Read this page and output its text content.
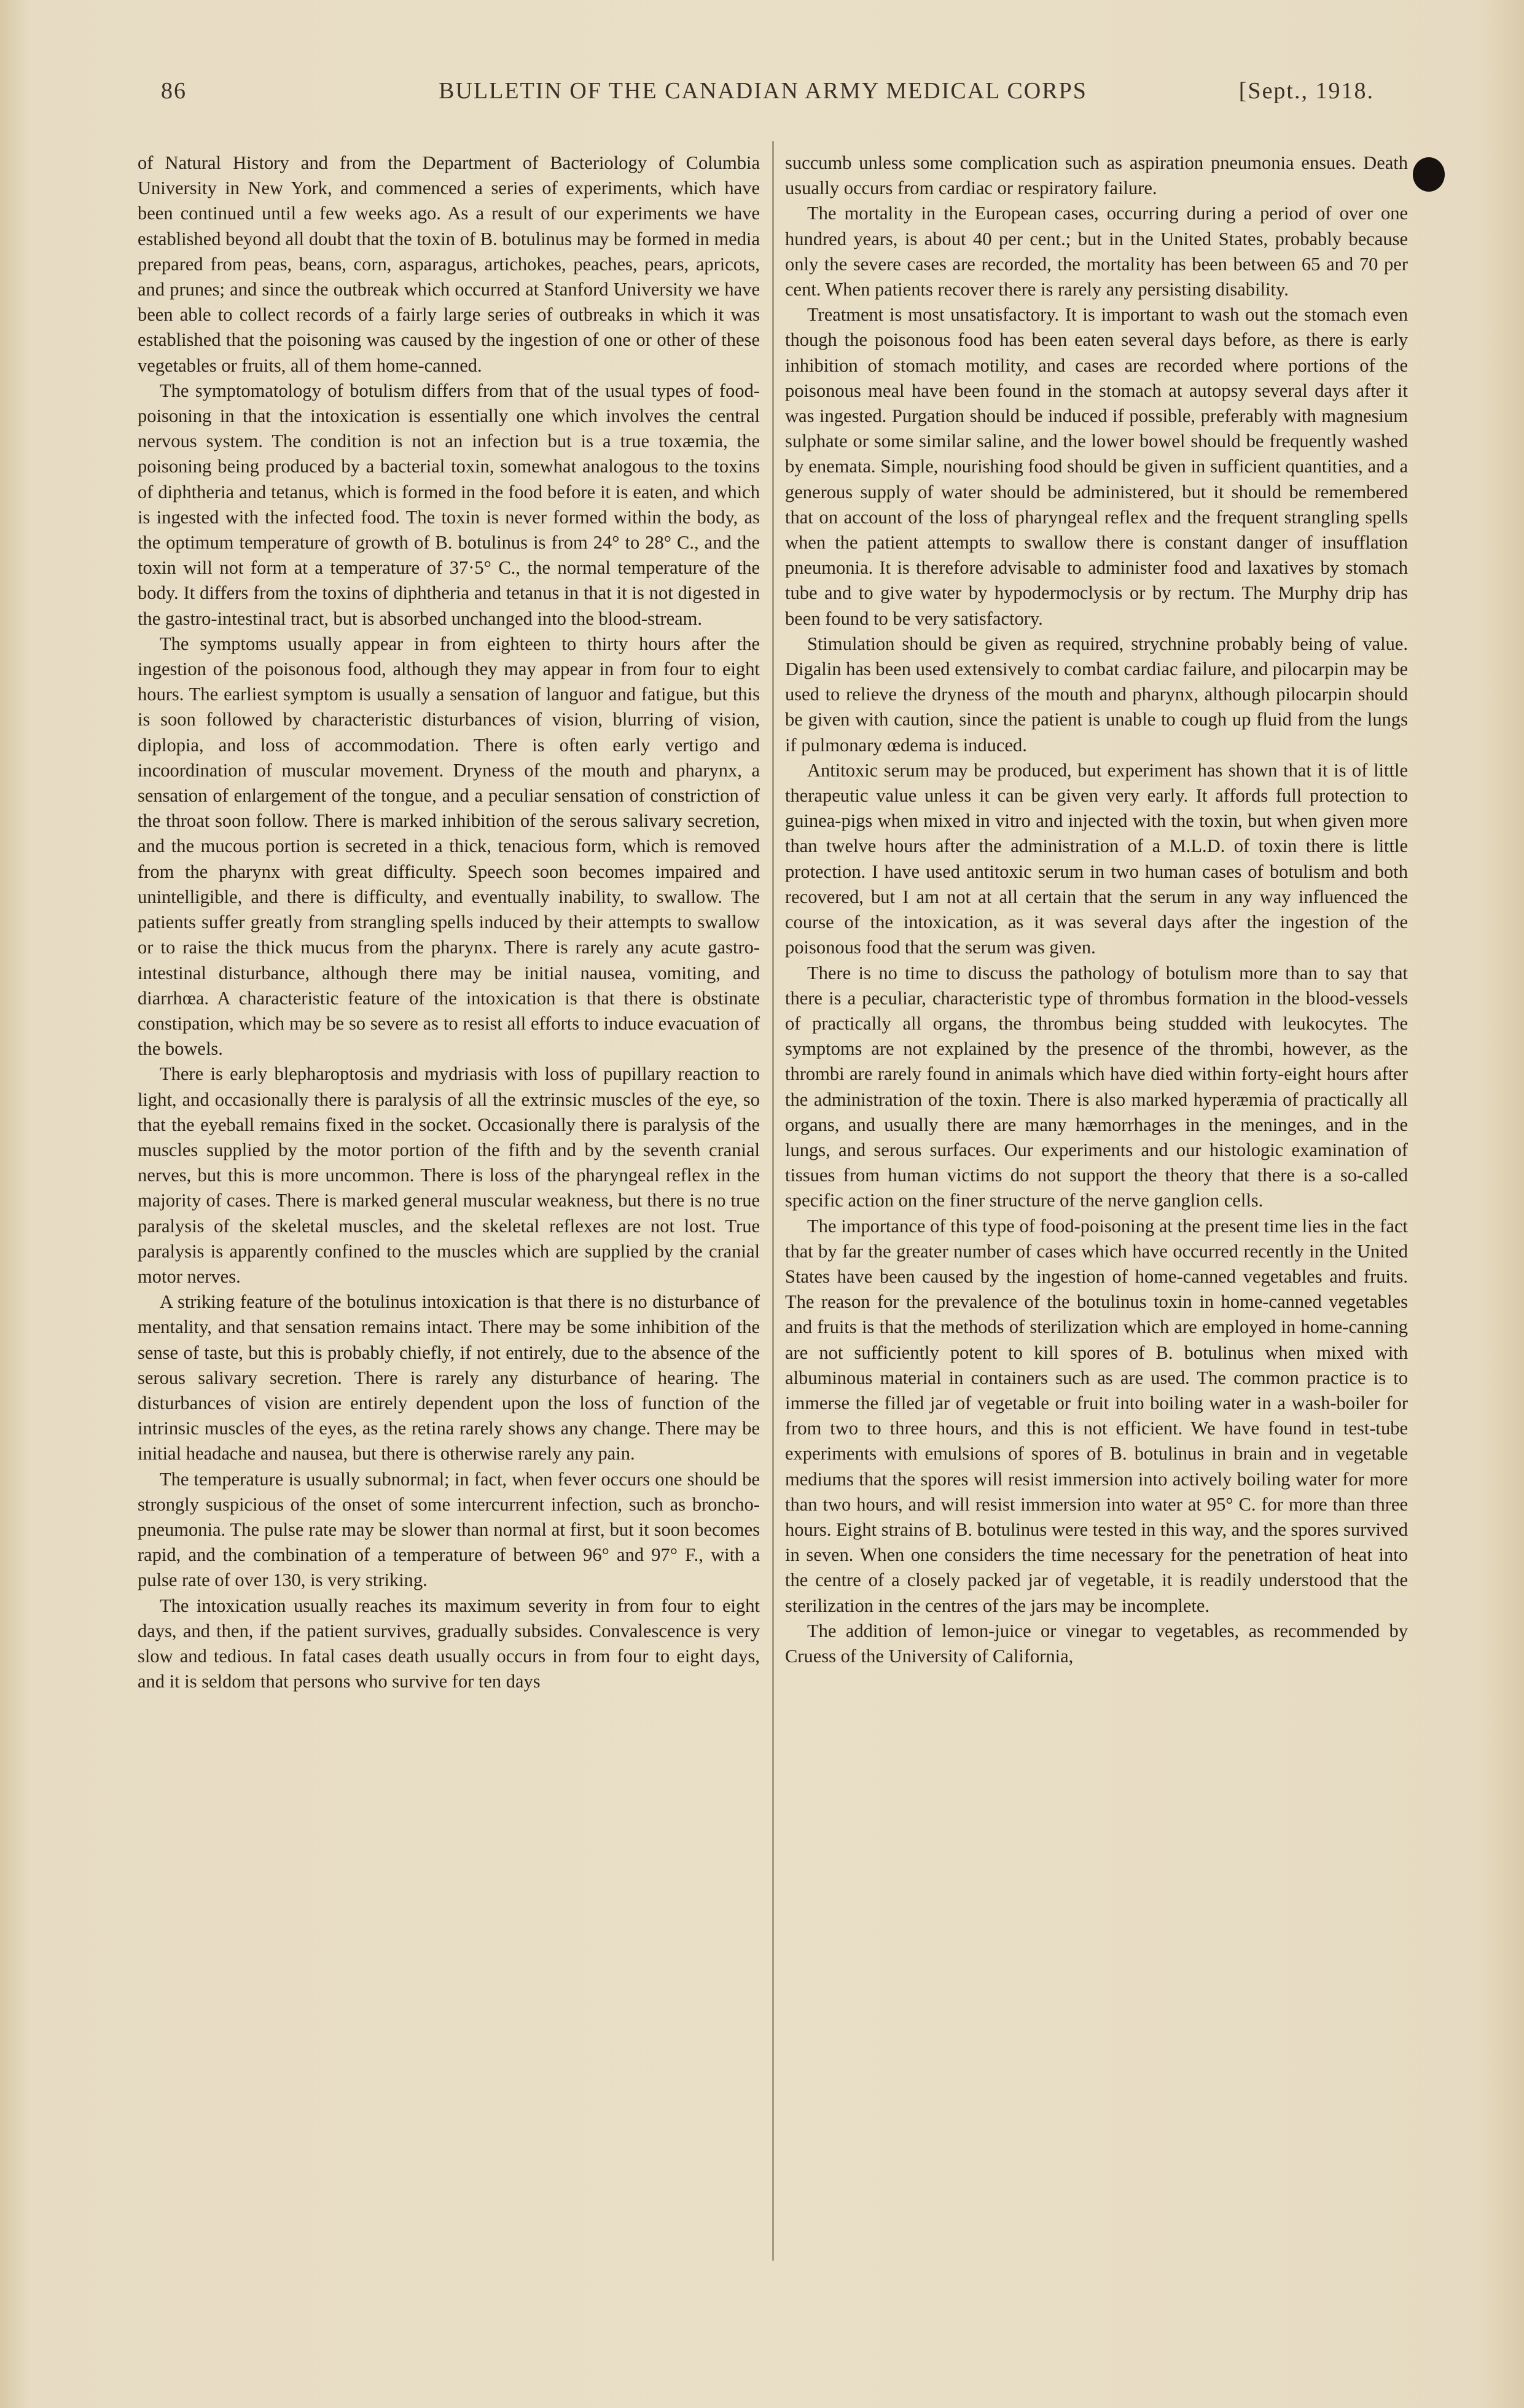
86	BULLETIN OF THE CANADIAN ARMY MEDICAL CORPS	[Sept., 1918.

of Natural History and from the Department of Bacteriology of Columbia University in New York, and commenced a series of experiments, which have been continued until a few weeks ago. As a result of our experiments we have established beyond all doubt that the toxin of B. botulinus may be formed in media prepared from peas, beans, corn, asparagus, artichokes, peaches, pears, apricots, and prunes; and since the outbreak which occurred at Stanford University we have been able to collect records of a fairly large series of outbreaks in which it was established that the poisoning was caused by the ingestion of one or other of these vegetables or fruits, all of them home-canned.

The symptomatology of botulism differs from that of the usual types of food-poisoning in that the intoxication is essentially one which involves the central nervous system. The condition is not an infection but is a true toxæmia, the poisoning being produced by a bacterial toxin, somewhat analogous to the toxins of diphtheria and tetanus, which is formed in the food before it is eaten, and which is ingested with the infected food. The toxin is never formed within the body, as the optimum temperature of growth of B. botulinus is from 24° to 28° C., and the toxin will not form at a temperature of 37·5° C., the normal temperature of the body. It differs from the toxins of diphtheria and tetanus in that it is not digested in the gastro-intestinal tract, but is absorbed unchanged into the blood-stream.

The symptoms usually appear in from eighteen to thirty hours after the ingestion of the poisonous food, although they may appear in from four to eight hours. The earliest symptom is usually a sensation of languor and fatigue, but this is soon followed by characteristic disturbances of vision, blurring of vision, diplopia, and loss of accommodation. There is often early vertigo and incoordination of muscular movement. Dryness of the mouth and pharynx, a sensation of enlargement of the tongue, and a peculiar sensation of constriction of the throat soon follow. There is marked inhibition of the serous salivary secretion, and the mucous portion is secreted in a thick, tenacious form, which is removed from the pharynx with great difficulty. Speech soon becomes impaired and unintelligible, and there is difficulty, and eventually inability, to swallow. The patients suffer greatly from strangling spells induced by their attempts to swallow or to raise the thick mucus from the pharynx. There is rarely any acute gastro-intestinal disturbance, although there may be initial nausea, vomiting, and diarrhœa. A characteristic feature of the intoxication is that there is obstinate constipation, which may be so severe as to resist all efforts to induce evacuation of the bowels.

There is early blepharoptosis and mydriasis with loss of pupillary reaction to light, and occasionally there is paralysis of all the extrinsic muscles of the eye, so that the eyeball remains fixed in the socket. Occasionally there is paralysis of the muscles supplied by the motor portion of the fifth and by the seventh cranial nerves, but this is more uncommon. There is loss of the pharyngeal reflex in the majority of cases. There is marked general muscular weakness, but there is no true paralysis of the skeletal muscles, and the skeletal reflexes are not lost. True paralysis is apparently confined to the muscles which are supplied by the cranial motor nerves.

A striking feature of the botulinus intoxication is that there is no disturbance of mentality, and that sensation remains intact. There may be some inhibition of the sense of taste, but this is probably chiefly, if not entirely, due to the absence of the serous salivary secretion. There is rarely any disturbance of hearing. The disturbances of vision are entirely dependent upon the loss of function of the intrinsic muscles of the eyes, as the retina rarely shows any change. There may be initial headache and nausea, but there is otherwise rarely any pain.

The temperature is usually subnormal; in fact, when fever occurs one should be strongly suspicious of the onset of some intercurrent infection, such as broncho-pneumonia. The pulse rate may be slower than normal at first, but it soon becomes rapid, and the combination of a temperature of between 96° and 97° F., with a pulse rate of over 130, is very striking.

The intoxication usually reaches its maximum severity in from four to eight days, and then, if the patient survives, gradually subsides. Convalescence is very slow and tedious. In fatal cases death usually occurs in from four to eight days, and it is seldom that persons who survive for ten days

succumb unless some complication such as aspiration pneumonia ensues. Death usually occurs from cardiac or respiratory failure.

The mortality in the European cases, occurring during a period of over one hundred years, is about 40 per cent.; but in the United States, probably because only the severe cases are recorded, the mortality has been between 65 and 70 per cent. When patients recover there is rarely any persisting disability.

Treatment is most unsatisfactory. It is important to wash out the stomach even though the poisonous food has been eaten several days before, as there is early inhibition of stomach motility, and cases are recorded where portions of the poisonous meal have been found in the stomach at autopsy several days after it was ingested. Purgation should be induced if possible, preferably with magnesium sulphate or some similar saline, and the lower bowel should be frequently washed by enemata. Simple, nourishing food should be given in sufficient quantities, and a generous supply of water should be administered, but it should be remembered that on account of the loss of pharyngeal reflex and the frequent strangling spells when the patient attempts to swallow there is constant danger of insufflation pneumonia. It is therefore advisable to administer food and laxatives by stomach tube and to give water by hypodermoclysis or by rectum. The Murphy drip has been found to be very satisfactory.

Stimulation should be given as required, strychnine probably being of value. Digalin has been used extensively to combat cardiac failure, and pilocarpin may be used to relieve the dryness of the mouth and pharynx, although pilocarpin should be given with caution, since the patient is unable to cough up fluid from the lungs if pulmonary œdema is induced.

Antitoxic serum may be produced, but experiment has shown that it is of little therapeutic value unless it can be given very early. It affords full protection to guinea-pigs when mixed in vitro and injected with the toxin, but when given more than twelve hours after the administration of a M.L.D. of toxin there is little protection. I have used antitoxic serum in two human cases of botulism and both recovered, but I am not at all certain that the serum in any way influenced the course of the intoxication, as it was several days after the ingestion of the poisonous food that the serum was given.

There is no time to discuss the pathology of botulism more than to say that there is a peculiar, characteristic type of thrombus formation in the blood-vessels of practically all organs, the thrombus being studded with leukocytes. The symptoms are not explained by the presence of the thrombi, however, as the thrombi are rarely found in animals which have died within forty-eight hours after the administration of the toxin. There is also marked hyperæmia of practically all organs, and usually there are many hæmorrhages in the meninges, and in the lungs, and serous surfaces. Our experiments and our histologic examination of tissues from human victims do not support the theory that there is a so-called specific action on the finer structure of the nerve ganglion cells.

The importance of this type of food-poisoning at the present time lies in the fact that by far the greater number of cases which have occurred recently in the United States have been caused by the ingestion of home-canned vegetables and fruits. The reason for the prevalence of the botulinus toxin in home-canned vegetables and fruits is that the methods of sterilization which are employed in home-canning are not sufficiently potent to kill spores of B. botulinus when mixed with albuminous material in containers such as are used. The common practice is to immerse the filled jar of vegetable or fruit into boiling water in a wash-boiler for from two to three hours, and this is not efficient. We have found in test-tube experiments with emulsions of spores of B. botulinus in brain and in vegetable mediums that the spores will resist immersion into actively boiling water for more than two hours, and will resist immersion into water at 95° C. for more than three hours. Eight strains of B. botulinus were tested in this way, and the spores survived in seven. When one considers the time necessary for the penetration of heat into the centre of a closely packed jar of vegetable, it is readily understood that the sterilization in the centres of the jars may be incomplete.

The addition of lemon-juice or vinegar to vegetables, as recommended by Cruess of the University of California,
